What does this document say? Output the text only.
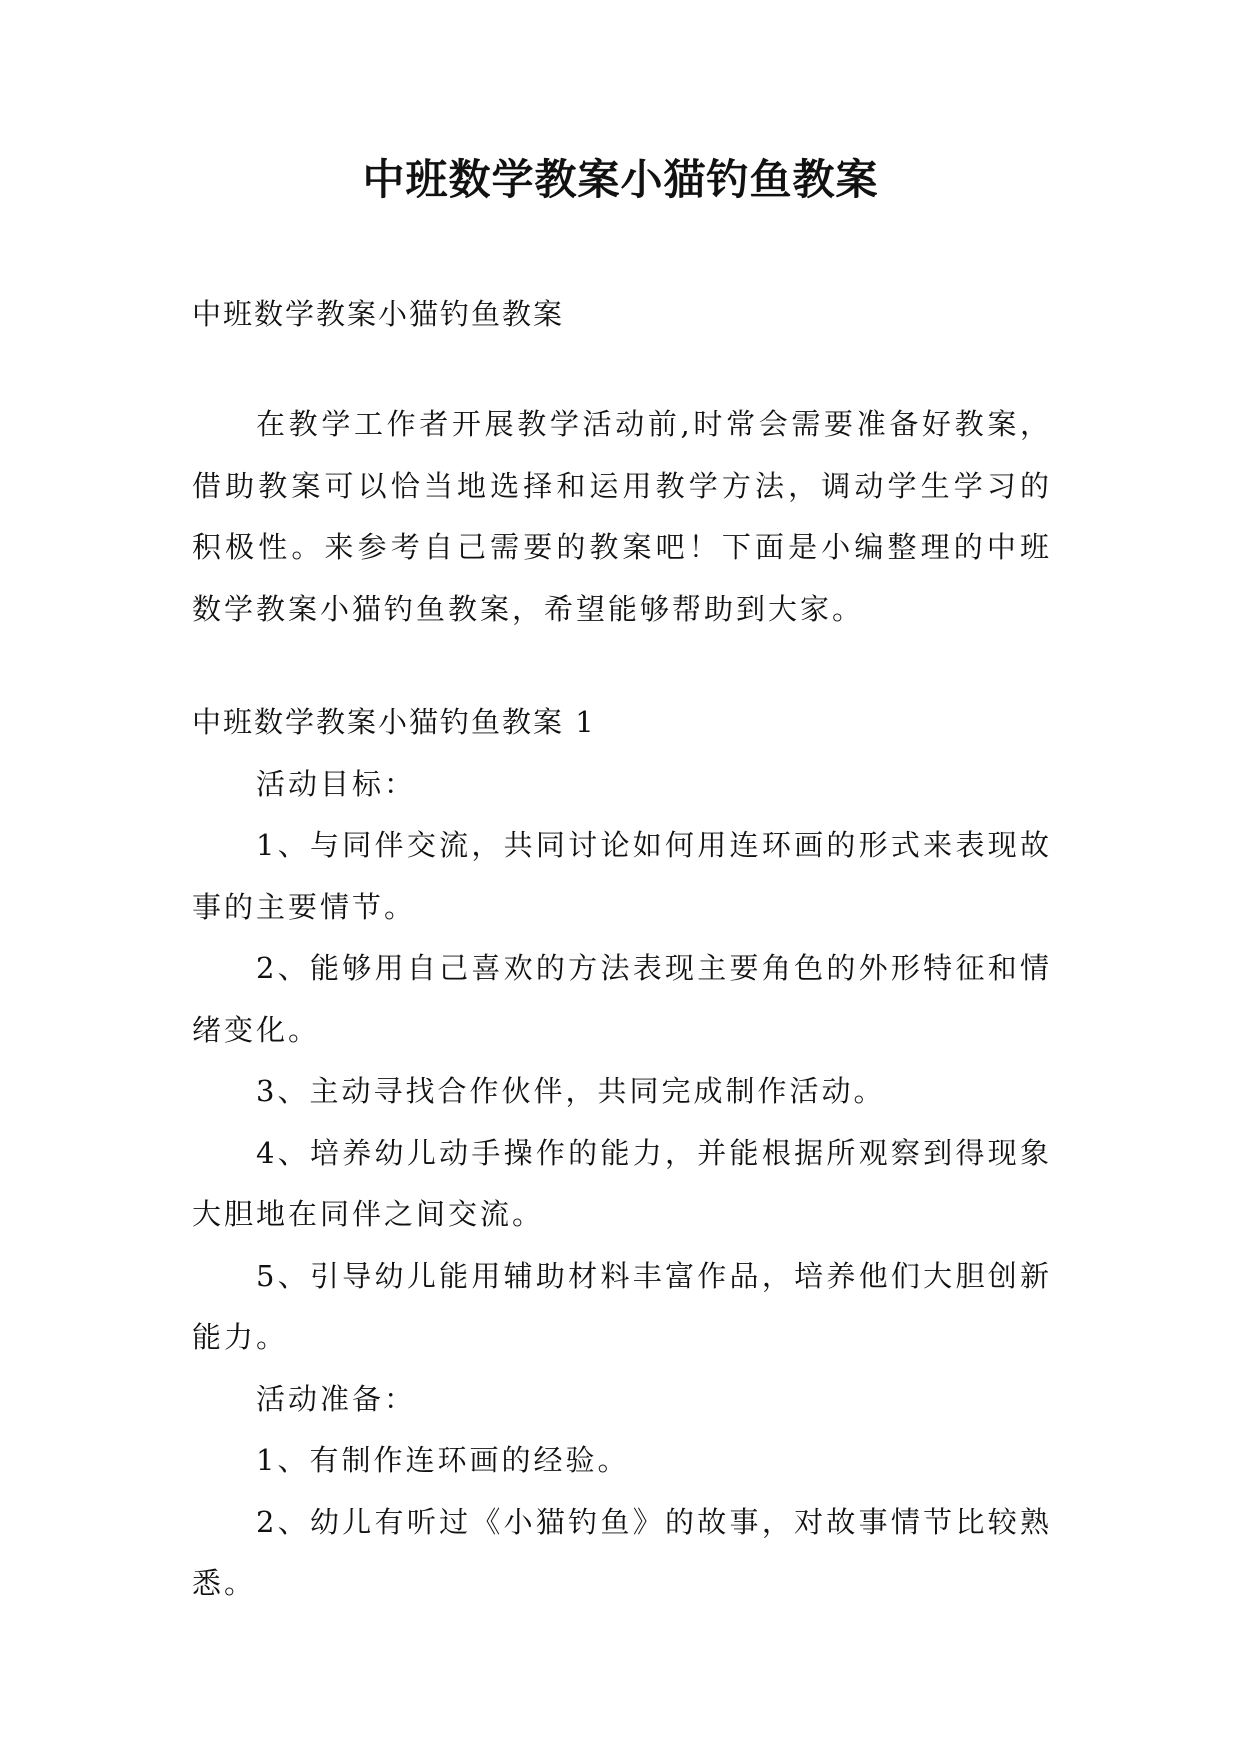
中班数学教案小猫钓鱼教案

中班数学教案小猫钓鱼教案

在教学工作者开展教学活动前,时常会需要准备好教案，借助教案可以恰当地选择和运用教学方法，调动学生学习的积极性。来参考自己需要的教案吧！下面是小编整理的中班数学教案小猫钓鱼教案，希望能够帮助到大家。

中班数学教案小猫钓鱼教案 1

活动目标：

1、与同伴交流，共同讨论如何用连环画的形式来表现故事的主要情节。

2、能够用自己喜欢的方法表现主要角色的外形特征和情绪变化。

3、主动寻找合作伙伴，共同完成制作活动。

4、培养幼儿动手操作的能力，并能根据所观察到得现象大胆地在同伴之间交流。

5、引导幼儿能用辅助材料丰富作品，培养他们大胆创新能力。

活动准备：

1、有制作连环画的经验。

2、幼儿有听过《小猫钓鱼》的故事，对故事情节比较熟悉。
